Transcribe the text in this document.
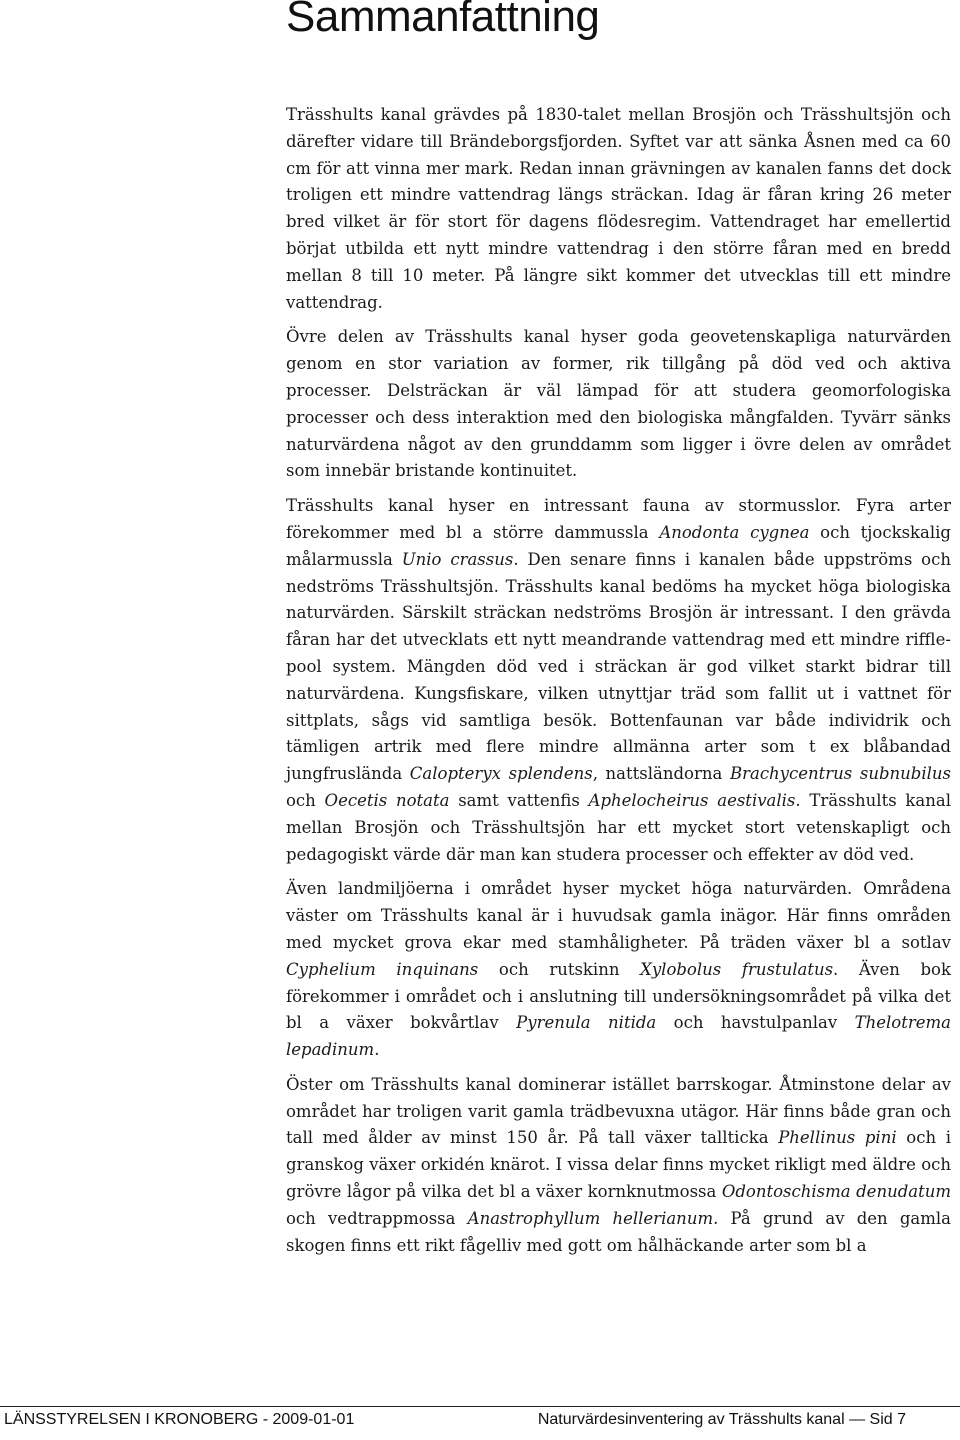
Sammanfattning

Trässhults kanal grävdes på 1830-talet mellan Brosjön och Trässhultsjön och därefter vidare till Brändeborgsfjorden. Syftet var att sänka Åsnen med ca 60 cm för att vinna mer mark. Redan innan grävningen av kanalen fanns det dock troligen ett mindre vattendrag längs sträckan. Idag är fåran kring 26 meter bred vilket är för stort för dagens flödesregim. Vattendraget har emellertid börjat utbilda ett nytt mindre vattendrag i den större fåran med en bredd mellan 8 till 10 meter. På längre sikt kommer det utvecklas till ett mindre vattendrag.

Övre delen av Trässhults kanal hyser goda geovetenskapliga naturvärden genom en stor variation av former, rik tillgång på död ved och aktiva processer. Delsträckan är väl lämpad för att studera geomorfologiska processer och dess interaktion med den biologiska mångfalden. Tyvärr sänks naturvärdena något av den grunddamm som ligger i övre delen av området som innebär bristande kontinuitet.

Trässhults kanal hyser en intressant fauna av stormusslor. Fyra arter förekommer med bl a större dammussla Anodonta cygnea och tjockskalig målarmussla Unio crassus. Den senare finns i kanalen både uppströms och nedströms Trässhultsjön. Trässhults kanal bedöms ha mycket höga biologiska naturvärden. Särskilt sträckan nedströms Brosjön är intressant. I den grävda fåran har det utvecklats ett nytt meandrande vattendrag med ett mindre riffle-pool system. Mängden död ved i sträckan är god vilket starkt bidrar till naturvärdena. Kungsfiskare, vilken utnyttjar träd som fallit ut i vattnet för sittplats, sågs vid samtliga besök. Bottenfaunan var både individrik och tämligen artrik med flere mindre allmänna arter som t ex blåbandad jungfrusländа Calopteryx splendens, nattsländorna Brachycentrus subnubilus och Oecetis notata samt vattenfis Aphelocheirus aestivalis. Trässhults kanal mellan Brosjön och Trässhultsjön har ett mycket stort vetenskapligt och pedagogiskt värde där man kan studera processer och effekter av död ved.

Även landmiljöerna i området hyser mycket höga naturvärden. Områdena väster om Trässhults kanal är i huvudsak gamla inägor. Här finns områden med mycket grova ekar med stamhåligheter. På träden växer bl a sotlav Cyphelium inquinans och rutskinn Xylobolus frustulatus. Även bok förekommer i området och i anslutning till undersökningsområdet på vilka det bl a växer bokvårtlav Pyrenula nitida och havstulpanlav Thelotrema lepadinum.

Öster om Trässhults kanal dominerar istället barrskogar. Åtminstone delar av området har troligen varit gamla trädbevuxna utägor. Här finns både gran och tall med ålder av minst 150 år. På tall växer tallticka Phellinus pini och i granskog växer orkidén knärot. I vissa delar finns mycket rikligt med äldre och grövre lågor på vilka det bl a växer kornknutmossa Odontoschisma denudatum och vedtrappmossa Anastrophyllum hellerianum. På grund av den gamla skogen finns ett rikt fågelliv med gott om hålhäckande arter som bl a

LÄNSSTYRELSEN I KRONOBERG - 2009-01-01	Naturvärdesinventering av Trässhults kanal — Sid 7
